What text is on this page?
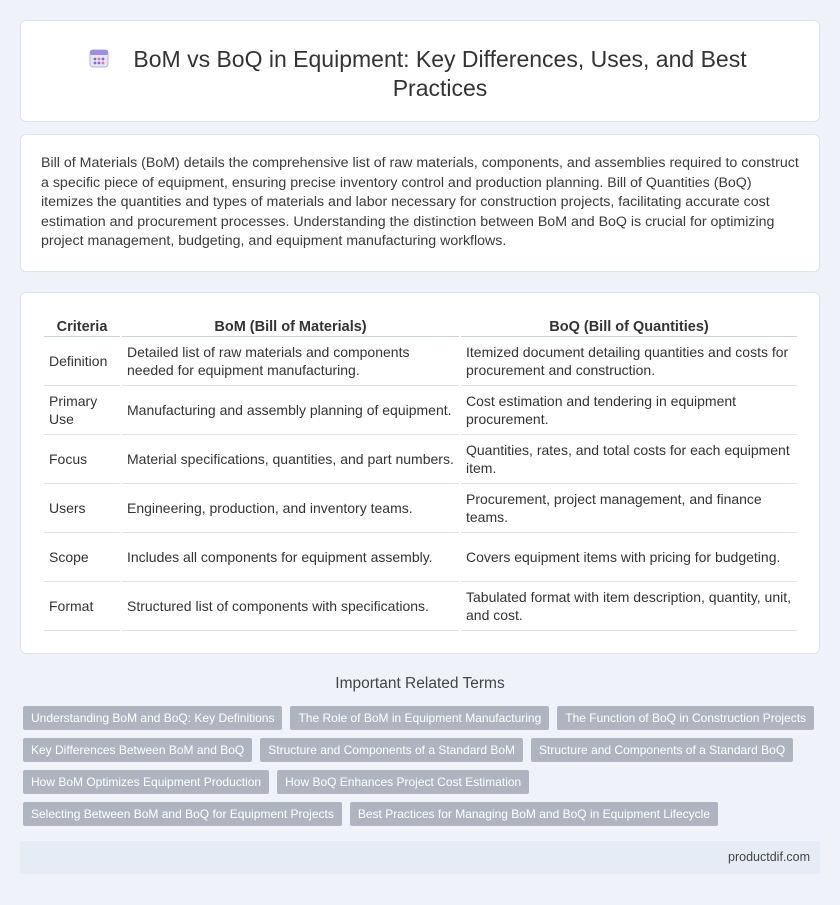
BoM vs BoQ in Equipment: Key Differences, Uses, and Best Practices

Bill of Materials (BoM) details the comprehensive list of raw materials, components, and assemblies required to construct a specific piece of equipment, ensuring precise inventory control and production planning. Bill of Quantities (BoQ) itemizes the quantities and types of materials and labor necessary for construction projects, facilitating accurate cost estimation and procurement processes. Understanding the distinction between BoM and BoQ is crucial for optimizing project management, budgeting, and equipment manufacturing workflows.

Criteria	BoM (Bill of Materials)	BoQ (Bill of Quantities)
Definition	Detailed list of raw materials and components needed for equipment manufacturing.	Itemized document detailing quantities and costs for procurement and construction.
Primary Use	Manufacturing and assembly planning of equipment.	Cost estimation and tendering in equipment procurement.
Focus	Material specifications, quantities, and part numbers.	Quantities, rates, and total costs for each equipment item.
Users	Engineering, production, and inventory teams.	Procurement, project management, and finance teams.
Scope	Includes all components for equipment assembly.	Covers equipment items with pricing for budgeting.
Format	Structured list of components with specifications.	Tabulated format with item description, quantity, unit, and cost.
Important Related Terms
Understanding BoM and BoQ: Key Definitions	The Role of BoM in Equipment Manufacturing	The Function of BoQ in Construction Projects
Key Differences Between BoM and BoQ	Structure and Components of a Standard BoM	Structure and Components of a Standard BoQ
How BoM Optimizes Equipment Production	How BoQ Enhances Project Cost Estimation
Selecting Between BoM and BoQ for Equipment Projects	Best Practices for Managing BoM and BoQ in Equipment Lifecycle
productdif.com
